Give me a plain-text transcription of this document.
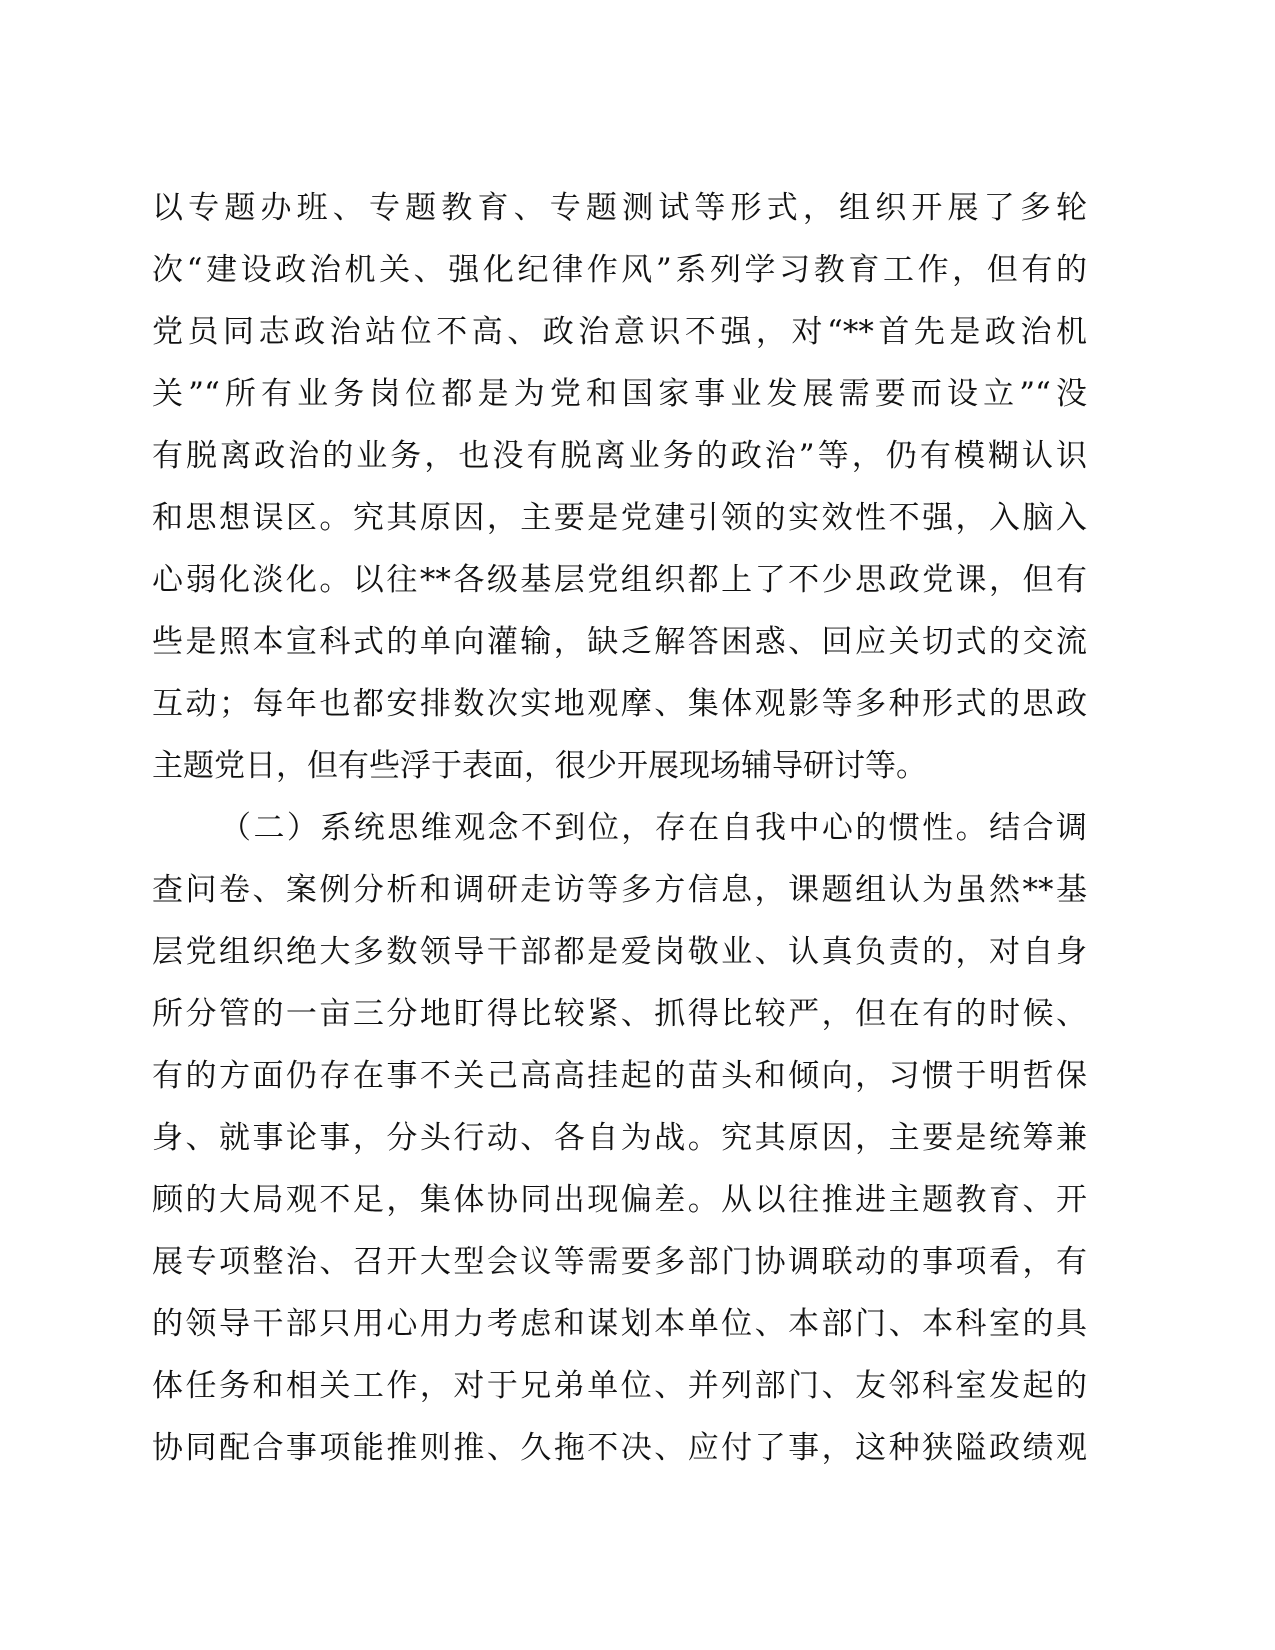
以专题办班、专题教育、专题测试等形式，组织开展了多轮
次“建设政治机关、强化纪律作风”系列学习教育工作，但有的
党员同志政治站位不高、政治意识不强，对“**首先是政治机
关”“所有业务岗位都是为党和国家事业发展需要而设立”“没
有脱离政治的业务，也没有脱离业务的政治”等，仍有模糊认识
和思想误区。究其原因，主要是党建引领的实效性不强，入脑入
心弱化淡化。以往**各级基层党组织都上了不少思政党课，但有
些是照本宣科式的单向灌输，缺乏解答困惑、回应关切式的交流
互动；每年也都安排数次实地观摩、集体观影等多种形式的思政
主题党日，但有些浮于表面，很少开展现场辅导研讨等。
（二）系统思维观念不到位，存在自我中心的惯性。结合调
查问卷、案例分析和调研走访等多方信息，课题组认为虽然**基
层党组织绝大多数领导干部都是爱岗敬业、认真负责的，对自身
所分管的一亩三分地盯得比较紧、抓得比较严，但在有的时候、
有的方面仍存在事不关己高高挂起的苗头和倾向，习惯于明哲保
身、就事论事，分头行动、各自为战。究其原因，主要是统筹兼
顾的大局观不足，集体协同出现偏差。从以往推进主题教育、开
展专项整治、召开大型会议等需要多部门协调联动的事项看，有
的领导干部只用心用力考虑和谋划本单位、本部门、本科室的具
体任务和相关工作，对于兄弟单位、并列部门、友邻科室发起的
协同配合事项能推则推、久拖不决、应付了事，这种狭隘政绩观
